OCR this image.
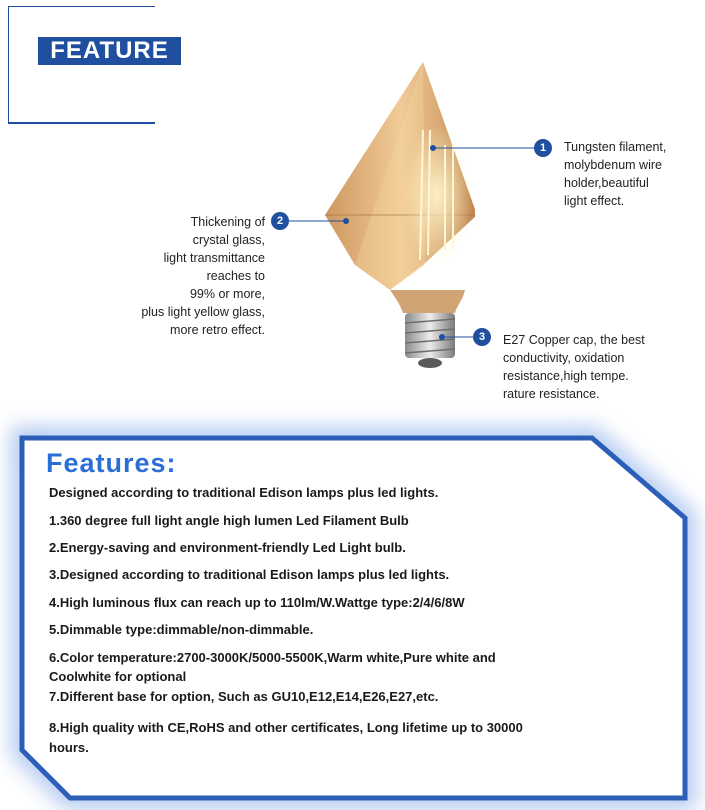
FEATURE
1	Tungsten filament,
molybdenum wire
holder,beautiful
light effect.
2
Thickening of
crystal glass,
light transmittance
reaches to
99% or more,
plus light yellow glass,
more retro effect.	3	E27 Copper cap, the best
conductivity, oxidation
resistance,high tempe.
rature resistance.
Features:
Designed according to traditional Edison lamps plus led lights.
1.360 degree full light angle high lumen Led Filament Bulb
2.Energy-saving and environment-friendly Led Light bulb.
3.Designed according to traditional Edison lamps plus led lights.
4.High luminous flux can reach up to 110lm/W.Wattge type:2/4/6/8W
5.Dimmable type:dimmable/non-dimmable.
6.Color temperature:2700-3000K/5000-5500K,Warm white,Pure white and
Coolwhite for optional
7.Different base for option, Such as GU10,E12,E14,E26,E27,etc.
8.High quality with CE,RoHS and other certificates, Long lifetime up to 30000
hours.
